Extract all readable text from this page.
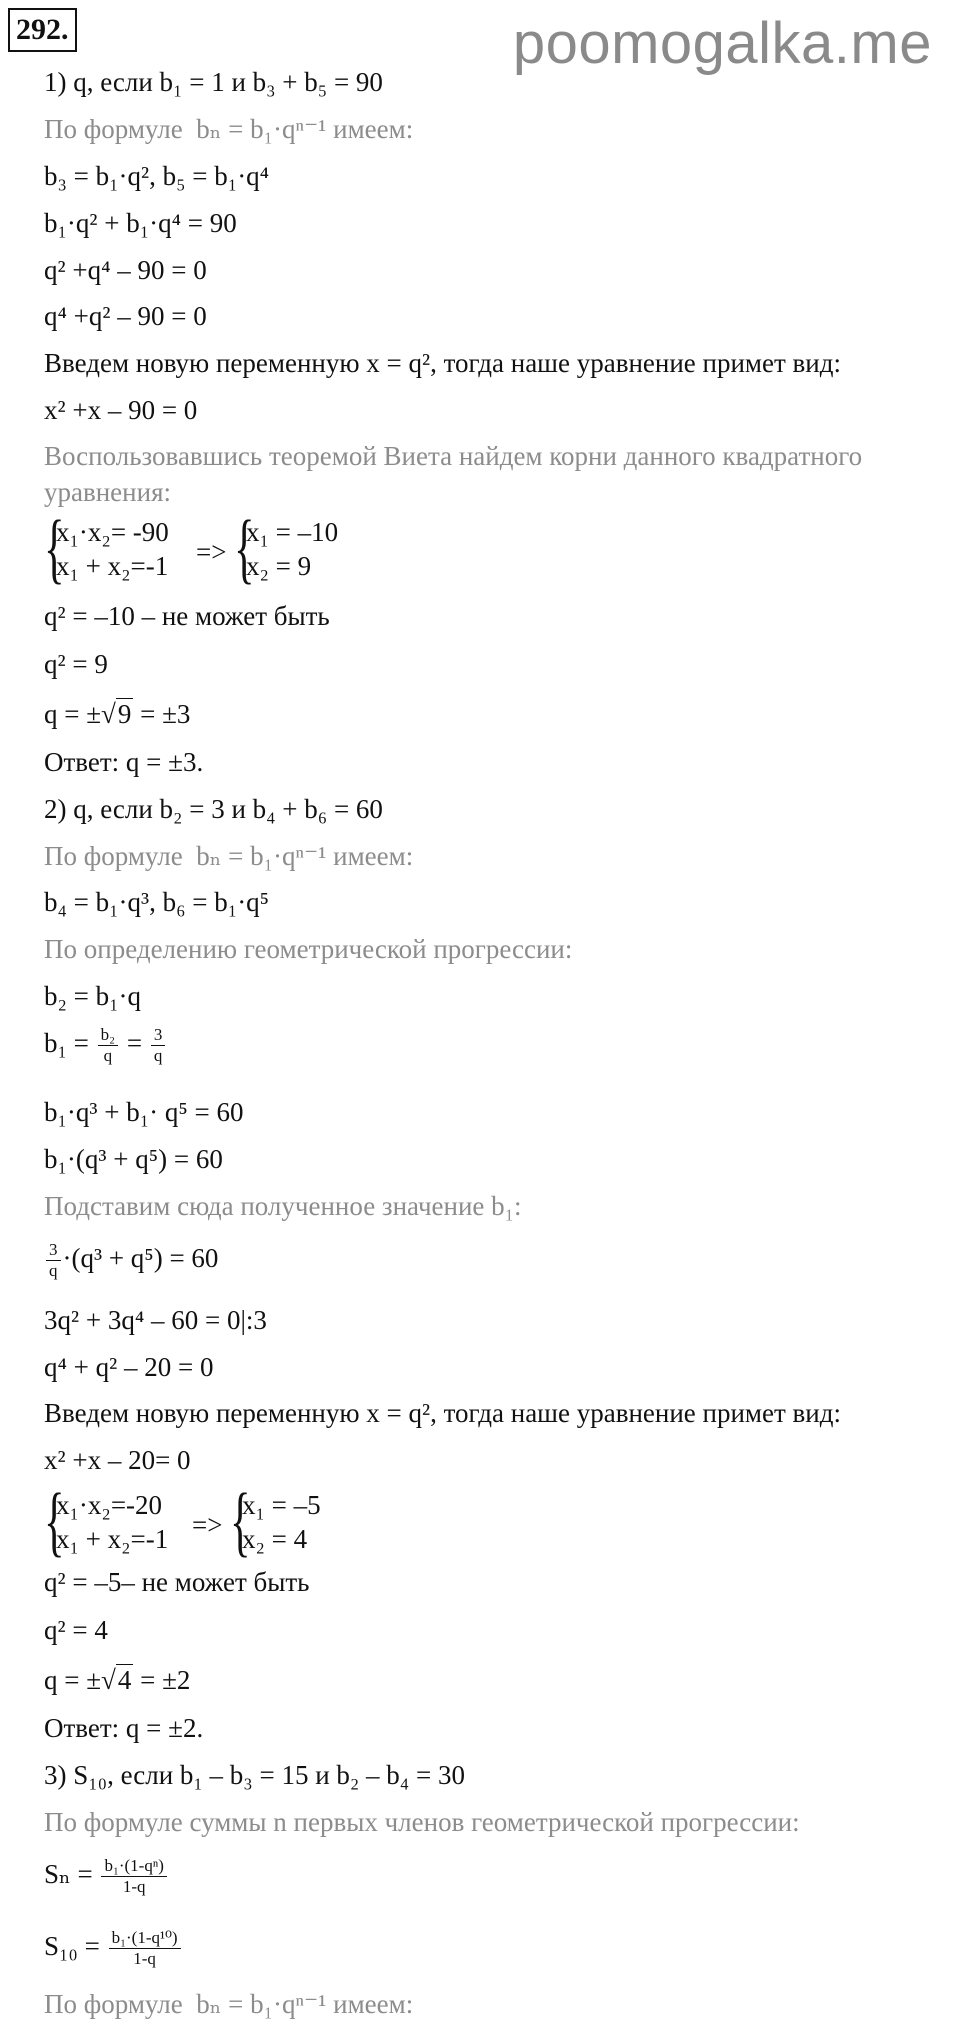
292.	poomogalka.me
1) q, если b₁ = 1 и b₃ + b₅ = 90
По формуле bₙ = b₁·qⁿ⁻¹ имеем:
b₃ = b₁·q², b₅ = b₁·q⁴
b₁·q² + b₁·q⁴ = 90
q² +q⁴ – 90 = 0
q⁴ +q² – 90 = 0
Введем новую переменную x = q², тогда наше уравнение примет вид:
x² +x – 90 = 0
Воспользовавшись теоремой Виета найдем корни данного квадратного уравнения:
{
x₁·x₂= -90
x₁ + x₂=-1 => {
x₁ = –10
x₂ = 9
q² = –10 – не может быть
q² = 9
q = ±√9 = ±3
Ответ: q = ±3.
2) q, если b₂ = 3 и b₄ + b₆ = 60
По формуле bₙ = b₁·qⁿ⁻¹ имеем:
b₄ = b₁·q³, b₆ = b₁·q⁵
По определению геометрической прогрессии:
b₂ = b₁·q
$b_1 = \frac{\text{b₂}}{q} = \frac{3}{q}$
b₁·q³ + b₁· q⁵ = 60
b₁·(q³ + q⁵) = 60
Подставим сюда полученное значение b₁:
$\frac{3}{q} \cdot(q^3 + q^5) = 60$
3q² + 3q⁴ – 60 = 0|:3
q⁴ + q² – 20 = 0
Введем новую переменную x = q², тогда наше уравнение примет вид:
x² +x – 20= 0
{
x₁·x₂=-20
x₁ + x₂=-1 => {
x₁ = –5
x₂ = 4
q² = –5– не может быть
q² = 4
q = ±√4 = ±2
Ответ: q = ±2.
3) S₁₀, если b₁ – b₃ = 15 и b₂ – b₄ = 30
По формуле суммы n первых членов геометрической прогрессии:
$S_n = \frac{\text{b₁·(1-qⁿ)}}{1-q}$
$S_{10} = \frac{\text{b₁·(1-q¹⁰)}}{1-q}$
По формуле bₙ = b₁·qⁿ⁻¹ имеем:
